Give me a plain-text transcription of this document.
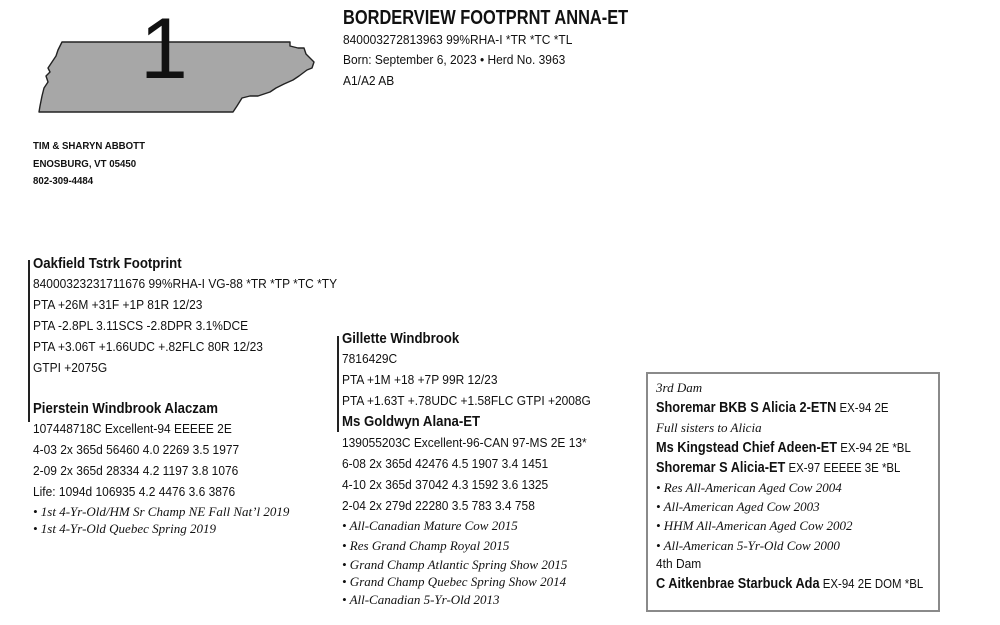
1	BORDERVIEW FOOTPRNT ANNA-ET
840003272813963 99%RHA-I *TR *TC *TL
Born: September 6, 2023 • Herd No. 3963
A1/A2 AB
TIM & SHARYN ABBOTT
ENOSBURG, VT 05450
802-309-4484
Oakfield Tstrk Footprint
84000323231711676 99%RHA-I VG-88 *TR *TP *TC *TY
PTA +26M +31F +1P 81R 12/23
PTA -2.8PL 3.11SCS -2.8DPR 3.1%DCE
PTA +3.06T +1.66UDC +.82FLC 80R 12/23
GTPI +2075G
Pierstein Windbrook Alaczam
107448718C Excellent-94 EEEEE 2E
4-03 2x 365d 56460 4.0 2269 3.5 1977
2-09 2x 365d 28334 4.2 1197 3.8 1076
Life: 1094d 106935 4.2 4476 3.6 3876
• 1st 4-Yr-Old/HM Sr Champ NE Fall Nat’l 2019
• 1st 4-Yr-Old Quebec Spring 2019
Gillette Windbrook
7816429C
PTA +1M +18 +7P 99R 12/23
PTA +1.63T +.78UDC +1.58FLC GTPI +2008G
Ms Goldwyn Alana-ET
139055203C Excellent-96-CAN 97-MS 2E 13*
6-08 2x 365d 42476 4.5 1907 3.4 1451
4-10 2x 365d 37042 4.3 1592 3.6 1325
2-04 2x 279d 22280 3.5 783 3.4 758
• All-Canadian Mature Cow 2015
• Res Grand Champ Royal 2015
• Grand Champ Atlantic Spring Show 2015
• Grand Champ Quebec Spring Show 2014
• All-Canadian 5-Yr-Old 2013
3rd Dam
Shoremar BKB S Alicia 2-ETN EX-94 2E
Full sisters to Alicia
Ms Kingstead Chief Adeen-ET EX-94 2E *BL
Shoremar S Alicia-ET EX-97 EEEEE 3E *BL
• Res All-American Aged Cow 2004
• All-American Aged Cow 2003
• HHM All-American Aged Cow 2002
• All-American 5-Yr-Old Cow 2000
4th Dam
C Aitkenbrae Starbuck Ada EX-94 2E DOM *BL
